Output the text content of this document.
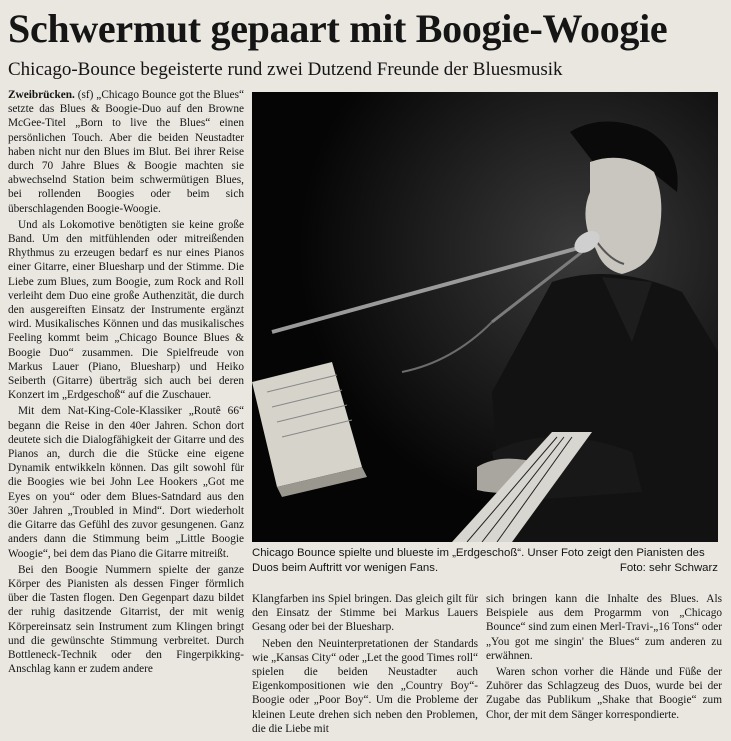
Schwermut gepaart mit Boogie-Woogie
Chicago-Bounce begeisterte rund zwei Dutzend Freunde der Bluesmusik

Zweibrücken. (sf) „Chicago Bounce got the Blues“ setzte das Blues & Boogie-Duo auf den Browne McGee-Titel „Born to live the Blues“ einen persönlichen Touch. Aber die beiden Neustadter haben nicht nur den Blues im Blut. Bei ihrer Reise durch 70 Jahre Blues & Boogie machten sie abwechselnd Station beim schwermütigen Blues, bei rollenden Boogies oder beim sich überschlagenden Boogie-Woogie.

Und als Lokomotive benötigten sie keine große Band. Um den mitfühlenden oder mitreißenden Rhythmus zu erzeugen bedarf es nur eines Pianos einer Gitarre, einer Bluesharp und der Stimme. Die Liebe zum Blues, zum Boogie, zum Rock and Roll verleiht dem Duo eine große Authenzität, die durch den ausgereiften Einsatz der Instrumente ergänzt wird. Musikalisches Können und das musikalisches Feeling kommt beim „Chicago Bounce Blues & Boogie Duo“ zusammen. Die Spielfreude von Markus Lauer (Piano, Bluesharp) und Heiko Seiberth (Gitarre) überträg sich auch bei deren Konzert im „Erdgeschoß“ auf die Zuschauer.

Mit dem Nat-King-Cole-Klassiker „Routê 66“ begann die Reise in den 40er Jahren. Schon dort deutete sich die Dialogfähigkeit der Gitarre und des Pianos an, durch die die Stücke eine eigene Dynamik entwikkeln können. Das gilt sowohl für die Boogies wie bei John Lee Hookers „Got me Eyes on you“ oder dem Blues-Satndard aus den 30er Jahren „Troubled in Mind“. Dort wiederholt die Gitarre das Gefühl des zuvor gesungenen. Ganz anders dann die Stimmung beim „Little Boogie Woogie“, bei dem das Piano die Gitarre mitreißt.

Bei den Boogie Nummern spielte der ganze Körper des Pianisten als dessen Finger förmlich über die Tasten flogen. Den Gegenpart dazu bildet der ruhig dasitzende Gitarrist, der mit wenig Körpereinsatz sein Instrument zum Klingen bringt und die gewünschte Stimmung verbreitet. Durch Bottleneck-Technik oder den Fingerpikking-Anschlag kann er zudem andere

Chicago Bounce spielte und blueste im „Erdgeschoß“. Unser Foto zeigt den Pianisten des Duos beim Auftritt vor wenigen Fans.	Foto: sehr Schwarz

Klangfarben ins Spiel bringen. Das gleich gilt für den Einsatz der Stimme bei Markus Lauers Gesang oder bei der Bluesharp.

Neben den Neuinterpretationen der Standards wie „Kansas City“ oder „Let the good Times roll“ spielen die beiden Neustadter auch Eigenkompositionen wie den „Country Boy“-Boogie oder „Poor Boy“. Um die Probleme der kleinen Leute drehen sich neben den Problemen, die die Liebe mit

sich bringen kann die Inhalte des Blues. Als Beispiele aus dem Progarmm von „Chicago Bounce“ sind zum einen Merl-Travi-„16 Tons“ oder „You got me singin' the Blues“ zum anderen zu erwähnen.

Waren schon vorher die Hände und Füße der Zuhörer das Schlagzeug des Duos, wurde bei der Zugabe das Publikum „Shake that Boogie“ zum Chor, der mit dem Sänger korrespondierte.
